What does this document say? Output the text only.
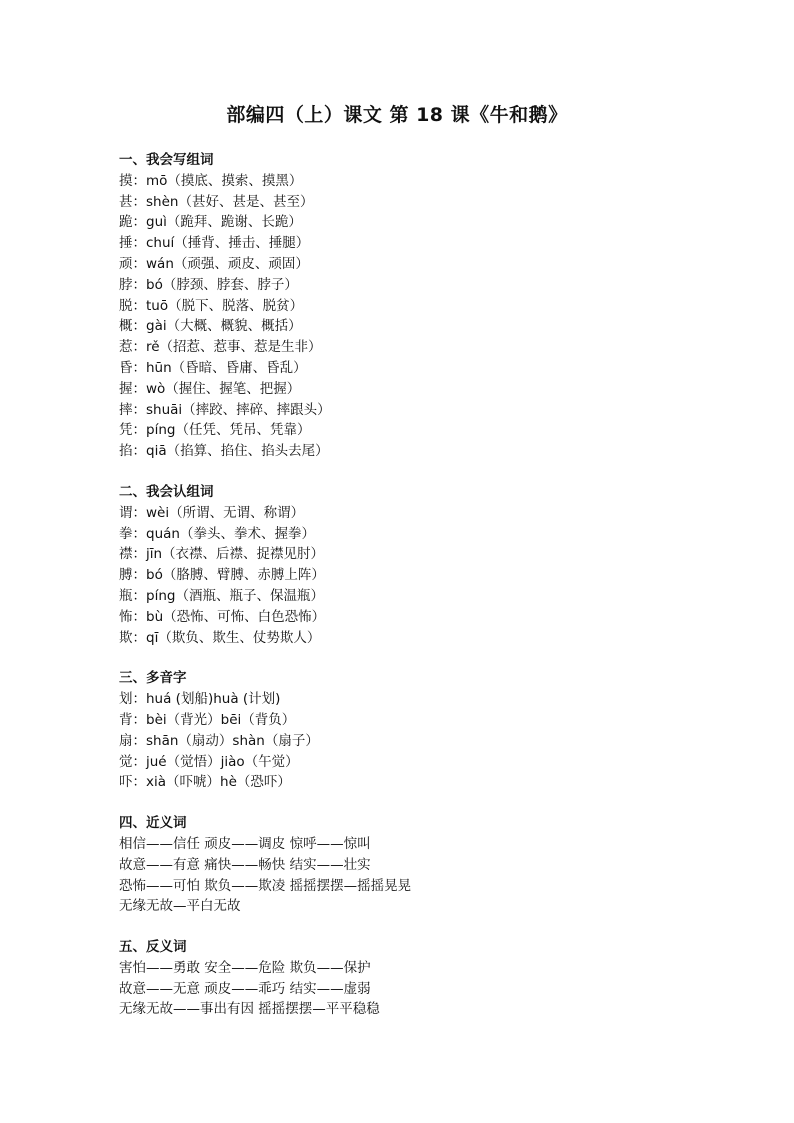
部编四（上）课文 第 18 课《牛和鹅》
一、我会写组词
摸：mō（摸底、摸索、摸黑）
甚：shèn（甚好、甚是、甚至）
跪：guì（跪拜、跪谢、长跪）
捶：chuí（捶背、捶击、捶腿）
顽：wán（顽强、顽皮、顽固）
脖：bó（脖颈、脖套、脖子）
脱：tuō（脱下、脱落、脱贫）
概：gài（大概、概貌、概括）
惹：rě（招惹、惹事、惹是生非）
昏：hūn（昏暗、昏庸、昏乱）
握：wò（握住、握笔、把握）
摔：shuāi（摔跤、摔碎、摔跟头）
凭：píng（任凭、凭吊、凭靠）
掐：qiā（掐算、掐住、掐头去尾）
二、我会认组词
谓：wèi（所谓、无谓、称谓）
拳：quán（拳头、拳术、握拳）
襟：jīn（衣襟、后襟、捉襟见肘）
膊：bó（胳膊、臂膊、赤膊上阵）
瓶：píng（酒瓶、瓶子、保温瓶）
怖：bù（恐怖、可怖、白色恐怖）
欺：qī（欺负、欺生、仗势欺人）
三、多音字
划：huá (划船)huà (计划)
背：bèi（背光）bēi（背负）
扇：shān（扇动）shàn（扇子）
觉：jué（觉悟）jiào（午觉）
吓：xià（吓唬）hè（恐吓）
四、近义词
相信——信任 顽皮——调皮 惊呼——惊叫
故意——有意 痛快——畅快 结实——壮实
恐怖——可怕 欺负——欺凌 摇摇摆摆—摇摇晃晃
无缘无故—平白无故
五、反义词
害怕——勇敢 安全——危险 欺负——保护
故意——无意 顽皮——乖巧 结实——虚弱
无缘无故——事出有因 摇摇摆摆—平平稳稳
